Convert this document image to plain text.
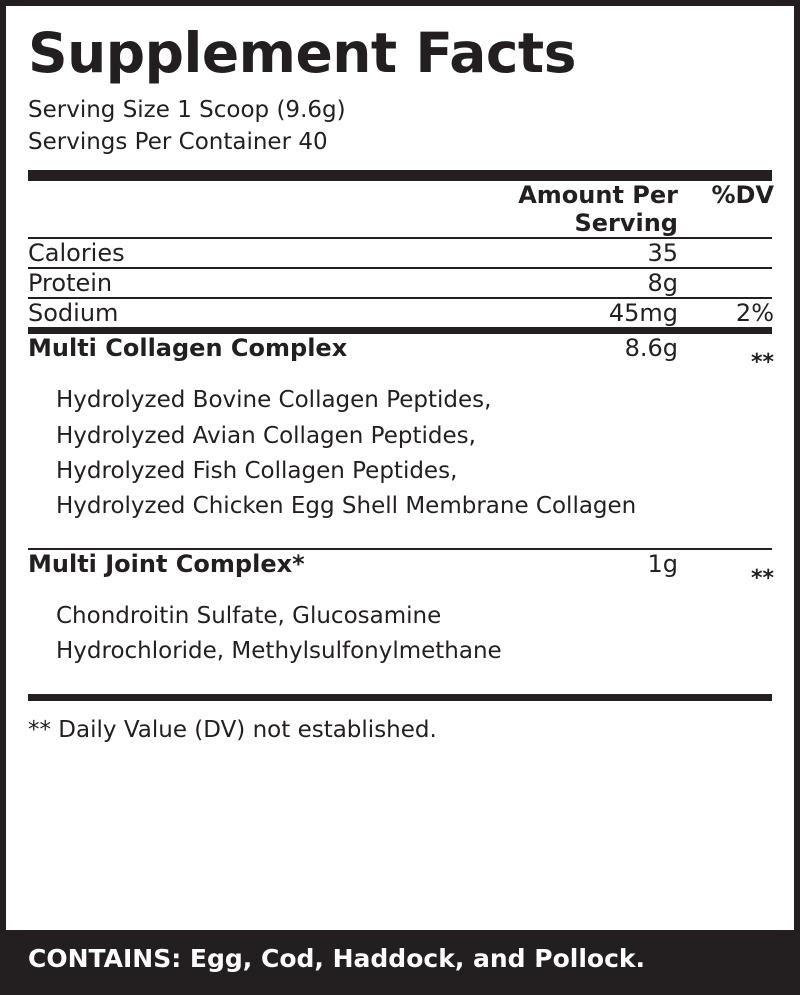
Supplement Facts
Serving Size 1 Scoop (9.6g)
Servings Per Container 40
	Amount Per Serving	%DV
Calories	35	
Protein	8g	
Sodium	45mg	2%
Multi Collagen Complex	8.6g	**
Hydrolyzed Bovine Collagen Peptides,
Hydrolyzed Avian Collagen Peptides,
Hydrolyzed Fish Collagen Peptides,
Hydrolyzed Chicken Egg Shell Membrane Collagen
Multi Joint Complex*	1g	**
Chondroitin Sulfate, Glucosamine
Hydrochloride, Methylsulfonylmethane
** Daily Value (DV) not established.
CONTAINS: Egg, Cod, Haddock, and Pollock.
